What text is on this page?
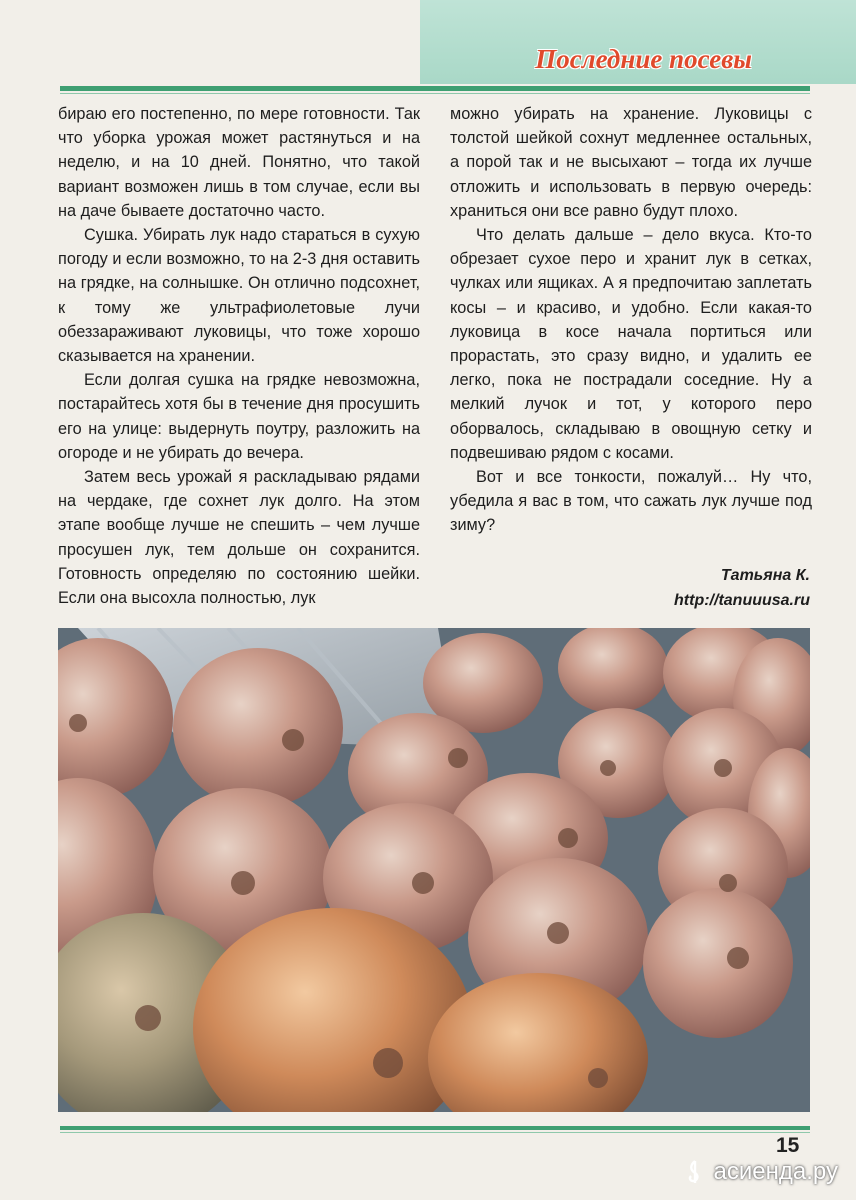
Последние посевы

бираю его постепенно, по мере готовности. Так что уборка урожая может растянуться и на неделю, и на 10 дней. Понятно, что такой вариант возможен лишь в том случае, если вы на даче бываете достаточно часто.

Сушка. Убирать лук надо стараться в сухую погоду и если возможно, то на 2-3 дня оставить на грядке, на солнышке. Он отлично подсохнет, к тому же ультрафиолетовые лучи обеззараживают луковицы, что тоже хорошо сказывается на хранении.

Если долгая сушка на грядке невозможна, постарайтесь хотя бы в течение дня просушить его на улице: выдернуть поутру, разложить на огороде и не убирать до вечера.

Затем весь урожай я раскладываю рядами на чердаке, где сохнет лук долго. На этом этапе вообще лучше не спешить – чем лучше просушен лук, тем дольше он сохранится. Готовность определяю по состоянию шейки. Если она высохла полностью, лук

можно убирать на хранение. Луковицы с толстой шейкой сохнут медленнее остальных, а порой так и не высыхают – тогда их лучше отложить и использовать в первую очередь: храниться они все равно будут плохо.

Что делать дальше – дело вкуса. Кто-то обрезает сухое перо и хранит лук в сетках, чулках или ящиках. А я предпочитаю заплетать косы – и красиво, и удобно. Если какая-то луковица в косе начала портиться или прорастать, это сразу видно, и удалить ее легко, пока не пострадали соседние. Ну а мелкий лучок и тот, у которого перо оборвалось, складываю в овощную сетку и подвешиваю рядом с косами.

Вот и все тонкости, пожалуй… Ну что, убедила я вас в том, что сажать лук лучше под зиму?

Татьяна К.
http://tanuuusa.ru
15
асиенда.ру
